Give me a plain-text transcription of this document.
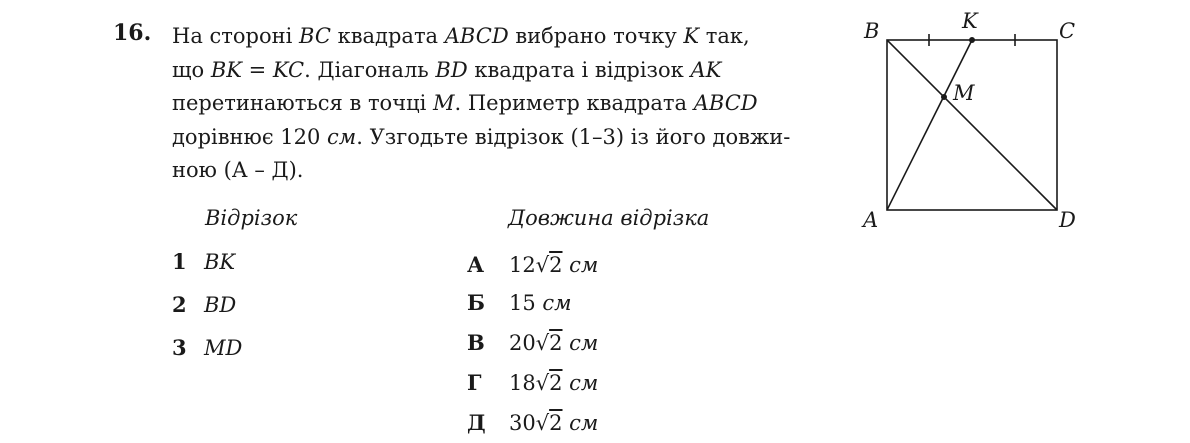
16. На стороні BC квадрата ABCD вибрано точку K так,
що BK = KC. Діагональ BD квадрата і відрізок AK
перетинаються в точці M. Периметр квадрата ABCD
дорівнює 120 см. Узгодьте відрізок (1–3) із його довжи-
ною (А – Д).
Відрізок	Довжина відрізка
1 BK
2 BD
3 MD
А 12√2 см
Б 15 см
В 20√2 см
Г 18√2 см
Д 30√2 см
B	K	C
M
A	D
